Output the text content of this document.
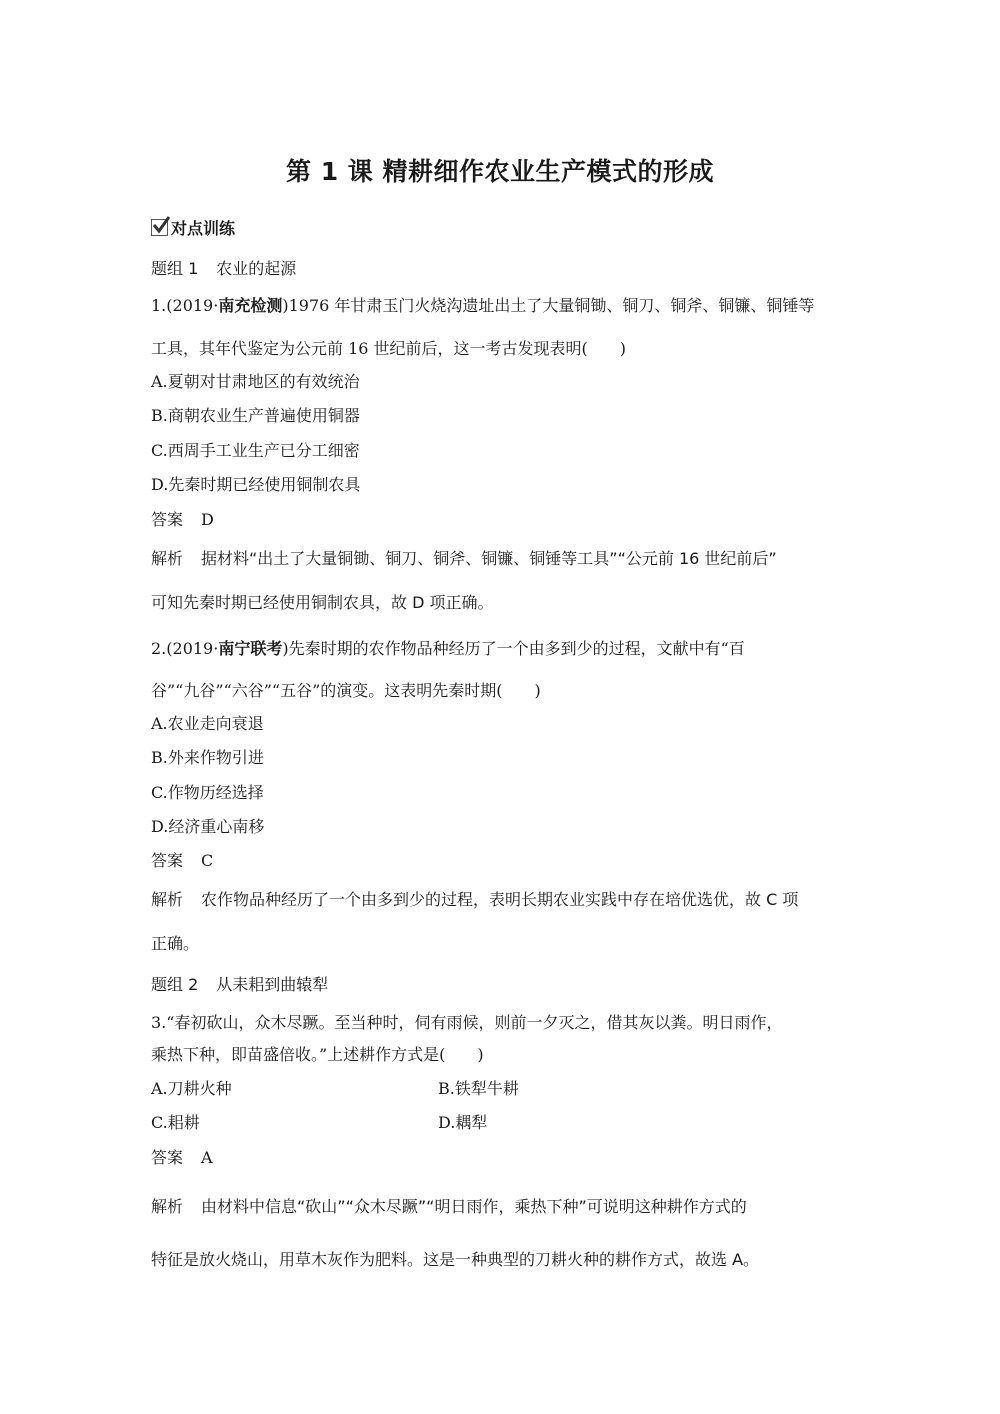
第 1 课 精耕细作农业生产模式的形成
对点训练
题组 1 农业的起源
1.(2019·南充检测)1976 年甘肃玉门火烧沟遗址出土了大量铜锄、铜刀、铜斧、铜镰、铜锤等
工具，其年代鉴定为公元前 16 世纪前后，这一考古发现表明(　　)
A.夏朝对甘肃地区的有效统治
B.商朝农业生产普遍使用铜器
C.西周手工业生产已分工细密
D.先秦时期已经使用铜制农具
答案 D
解析 据材料“出土了大量铜锄、铜刀、铜斧、铜镰、铜锤等工具”“公元前 16 世纪前后”
可知先秦时期已经使用铜制农具，故 D 项正确。
2.(2019·南宁联考)先秦时期的农作物品种经历了一个由多到少的过程，文献中有“百
谷”“九谷”“六谷”“五谷”的演变。这表明先秦时期(　　)
A.农业走向衰退
B.外来作物引进
C.作物历经选择
D.经济重心南移
答案 C
解析 农作物品种经历了一个由多到少的过程，表明长期农业实践中存在培优选优，故 C 项
正确。
题组 2 从耒耜到曲辕犁
3.“春初砍山，众木尽蹶。至当种时，伺有雨候，则前一夕灭之，借其灰以粪。明日雨作，
乘热下种，即苗盛倍收。”上述耕作方式是(　　)
A.刀耕火种	B.铁犁牛耕
C.耜耕	D.耦犁
答案 A
解析 由材料中信息“砍山”“众木尽蹶”“明日雨作，乘热下种”可说明这种耕作方式的
特征是放火烧山，用草木灰作为肥料。这是一种典型的刀耕火种的耕作方式，故选 A。
